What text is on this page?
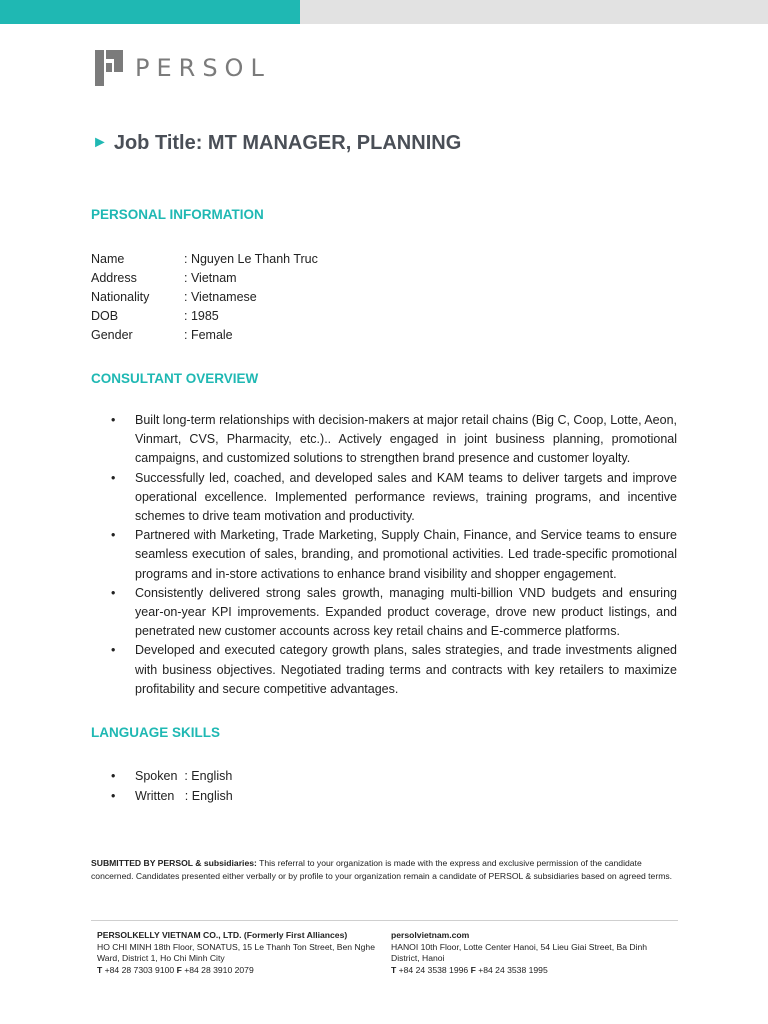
PERSOL
► Job Title: MT MANAGER, PLANNING
PERSONAL INFORMATION
Name	: Nguyen Le Thanh Truc
Address	: Vietnam
Nationality	: Vietnamese
DOB	: 1985
Gender	: Female
CONSULTANT OVERVIEW
• Built long-term relationships with decision-makers at major retail chains (Big C, Coop, Lotte, Aeon, Vinmart, CVS, Pharmacity, etc.).. Actively engaged in joint business planning, promotional campaigns, and customized solutions to strengthen brand presence and customer loyalty.
• Successfully led, coached, and developed sales and KAM teams to deliver targets and improve operational excellence. Implemented performance reviews, training programs, and incentive schemes to drive team motivation and productivity.
• Partnered with Marketing, Trade Marketing, Supply Chain, Finance, and Service teams to ensure seamless execution of sales, branding, and promotional activities. Led trade-specific promotional programs and in-store activations to enhance brand visibility and shopper engagement.
• Consistently delivered strong sales growth, managing multi-billion VND budgets and ensuring year-on-year KPI improvements. Expanded product coverage, drove new product listings, and penetrated new customer accounts across key retail chains and E-commerce platforms.
• Developed and executed category growth plans, sales strategies, and trade investments aligned with business objectives. Negotiated trading terms and contracts with key retailers to maximize profitability and secure competitive advantages.
LANGUAGE SKILLS
• Spoken  : English
• Written   : English
SUBMITTED BY PERSOL & subsidiaries: This referral to your organization is made with the express and exclusive permission of the candidate concerned. Candidates presented either verbally or by profile to your organization remain a candidate of PERSOL & subsidiaries based on agreed terms.
PERSOLKELLY VIETNAM CO., LTD. (Formerly First Alliances)
HO CHI MINH 18th Floor, SONATUS, 15 Le Thanh Ton Street, Ben Nghe Ward, District 1, Ho Chi Minh City
T +84 28 7303 9100 F +84 28 3910 2079
persolvietnam.com
HANOI 10th Floor, Lotte Center Hanoi, 54 Lieu Giai Street, Ba Dinh District, Hanoi
T +84 24 3538 1996 F +84 24 3538 1995
